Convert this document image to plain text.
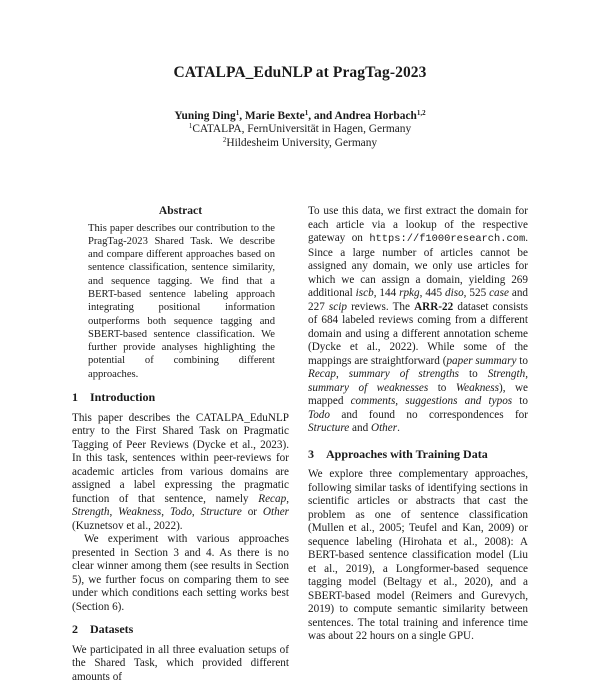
CATALPA_EduNLP at PragTag-2023
Yuning Ding$^1$, Marie Bexte$^1$, and Andrea Horbach$^{1,2}$
$^1$CATALPA, FernUniversität in Hagen, Germany
$^2$Hildesheim University, Germany
Abstract

This paper describes our contribution to the PragTag-2023 Shared Task. We describe and compare different approaches based on sentence classification, sentence similarity, and sequence tagging. We find that a BERT-based sentence labeling approach integrating positional information outperforms both sequence tagging and SBERT-based sentence classification. We further provide analyses highlighting the potential of combining different approaches.

1 Introduction

This paper describes the CATALPA_EduNLP entry to the First Shared Task on Pragmatic Tagging of Peer Reviews (Dycke et al., 2023). In this task, sentences within peer-reviews for academic articles from various domains are assigned a label expressing the pragmatic function of that sentence, namely Recap, Strength, Weakness, Todo, Structure or Other (Kuznetsov et al., 2022).

We experiment with various approaches presented in Section 3 and 4. As there is no clear winner among them (see results in Section 5), we further focus on comparing them to see under which conditions each setting works best (Section 6).

2 Datasets

We participated in all three evaluation setups of the Shared Task, which provided different amounts of

To use this data, we first extract the domain for each article via a lookup of the respective gateway on https://f1000research.com. Since a large number of articles cannot be assigned any domain, we only use articles for which we can assign a domain, yielding 269 additional iscb, 144 rpkg, 445 diso, 525 case and 227 scip reviews. The ARR-22 dataset consists of 684 labeled reviews coming from a different domain and using a different annotation scheme (Dycke et al., 2022). While some of the mappings are straightforward (paper summary to Recap, summary of strengths to Strength, summary of weaknesses to Weakness), we mapped comments, suggestions and typos to Todo and found no correspondences for Structure and Other.

3 Approaches with Training Data

We explore three complementary approaches, following similar tasks of identifying sections in scientific articles or abstracts that cast the problem as one of sentence classification (Mullen et al., 2005; Teufel and Kan, 2009) or sequence labeling (Hirohata et al., 2008): A BERT-based sentence classification model (Liu et al., 2019), a Longformer-based sequence tagging model (Beltagy et al., 2020), and a SBERT-based model (Reimers and Gurevych, 2019) to compute semantic similarity between sentences. The total training and inference time was about 22 hours on a single GPU.
